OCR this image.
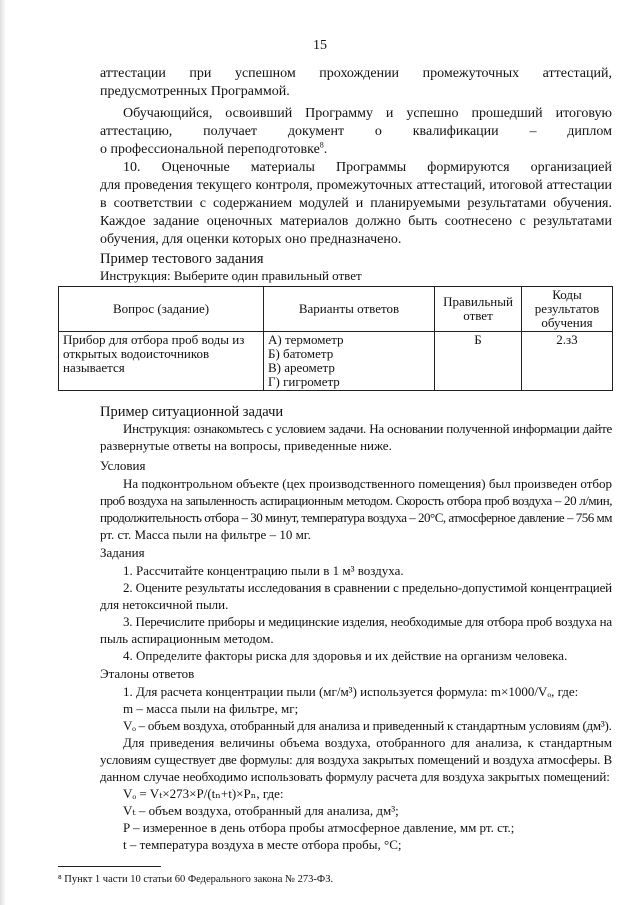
15
аттестации при успешном прохождении промежуточных аттестаций,
предусмотренных Программой.
Обучающийся, освоивший Программу и успешно прошедший итоговую
аттестацию, получает документ о квалификации – диплом
о профессиональной переподготовке$^8$.
10. Оценочные материалы Программы формируются организацией
для проведения текущего контроля, промежуточных аттестаций, итоговой аттестации
в соответствии с содержанием модулей и планируемыми результатами обучения.
Каждое задание оценочных материалов должно быть соотнесено с результатами
обучения, для оценки которых оно предназначено.
Пример тестового задания
Инструкция: Выберите один правильный ответ
Вопрос (задание)	Варианты ответов	Правильный ответ	Коды результатов обучения
Прибор для отбора проб воды из открытых водоисточников называется	А) термометр
Б) батометр
В) ареометр
Г) гигрометр	Б	2.з3
Пример ситуационной задачи
Инструкция: ознакомьтесь с условием задачи. На основании полученной информации дайте
развернутые ответы на вопросы, приведенные ниже.
Условия
На подконтрольном объекте (цех производственного помещения) был произведен отбор
проб воздуха на запыленность аспирационным методом. Скорость отбора проб воздуха – 20 л/мин,
продолжительность отбора – 30 минут, температура воздуха – 20°С, атмосферное давление – 756 мм
рт. ст. Масса пыли на фильтре – 10 мг.
Задания
1. Рассчитайте концентрацию пыли в 1 м³ воздуха.
2. Оцените результаты исследования в сравнении с предельно-допустимой концентрацией
для нетоксичной пыли.
3. Перечислите приборы и медицинские изделия, необходимые для отбора проб воздуха на
пыль аспирационным методом.
4. Определите факторы риска для здоровья и их действие на организм человека.
Эталоны ответов
1. Для расчета концентрации пыли (мг/м³) используется формула: m×1000/Vₒ, где:
m – масса пыли на фильтре, мг;
Vₒ – объем воздуха, отобранный для анализа и приведенный к стандартным условиям (дм³).
Для приведения величины объема воздуха, отобранного для анализа, к стандартным
условиям существует две формулы: для воздуха закрытых помещений и воздуха атмосферы. В
данном случае необходимо использовать формулу расчета для воздуха закрытых помещений:
Vₒ = Vₜ×273×P/(tₙ+t)×Pₙ, где:
Vₜ – объем воздуха, отобранный для анализа, дм³;
P – измеренное в день отбора пробы атмосферное давление, мм рт. ст.;
t – температура воздуха в месте отбора пробы, °С;
⁸ Пункт 1 части 10 статьи 60 Федерального закона № 273-ФЗ.
